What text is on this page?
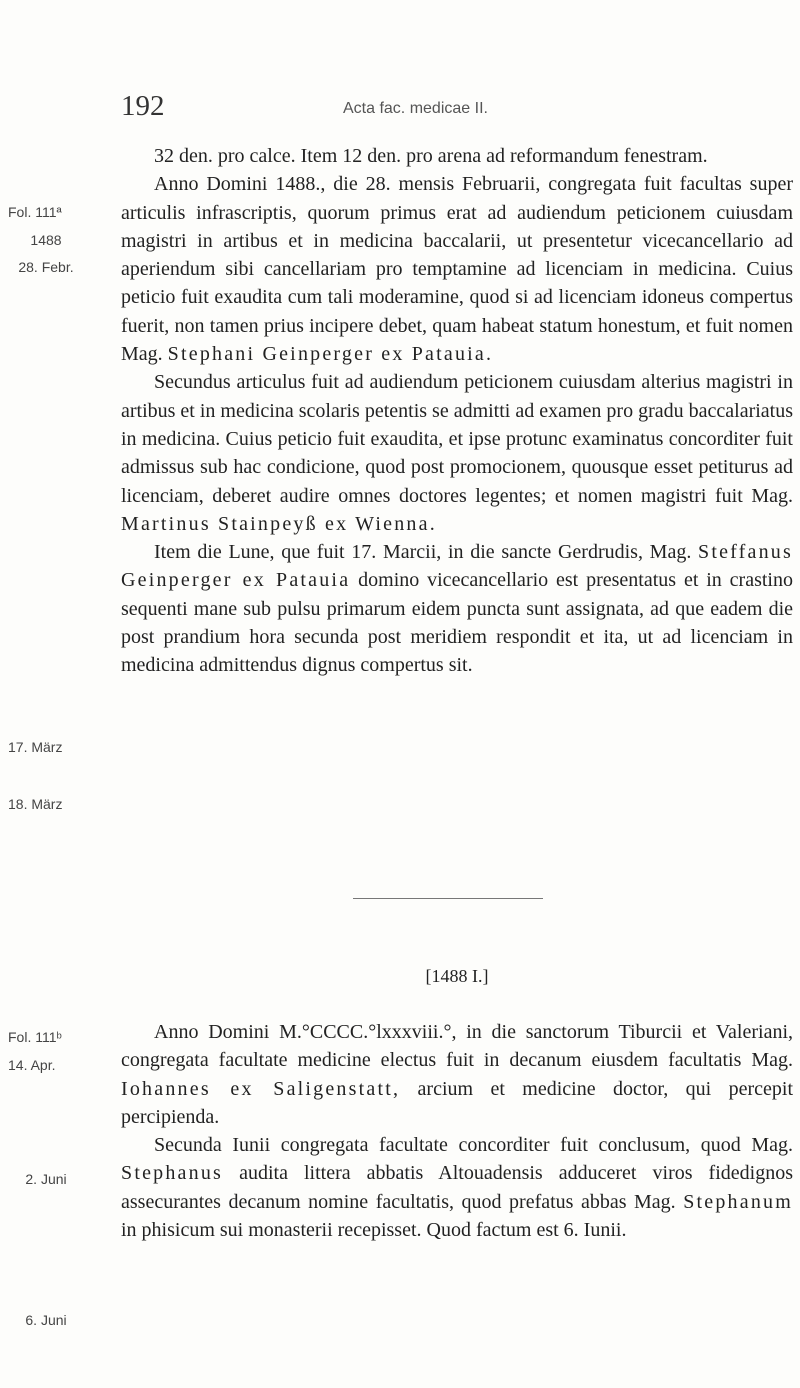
192	Acta fac. medicae II.
Fol. 111ª
1488
28. Febr.
17. März
18. März
Fol. 111ᵇ
14. Apr.
2. Juni
6. Juni

32 den. pro calce. Item 12 den. pro arena ad reformandum fenestram.

Anno Domini 1488., die 28. mensis Februarii, congregata fuit facultas super articulis infrascriptis, quorum primus erat ad audiendum peticionem cuiusdam magistri in artibus et in medicina baccalarii, ut presentetur vicecancellario ad aperiendum sibi cancellariam pro temptamine ad licenciam in medicina. Cuius peticio fuit exaudita cum tali moderamine, quod si ad licenciam idoneus compertus fuerit, non tamen prius incipere debet, quam habeat statum honestum, et fuit nomen Mag. Stephani Geinperger ex Patauia.

Secundus articulus fuit ad audiendum peticionem cuiusdam alterius magistri in artibus et in medicina scolaris petentis se admitti ad examen pro gradu baccalariatus in medicina. Cuius peticio fuit exaudita, et ipse protunc examinatus concorditer fuit admissus sub hac condicione, quod post promocionem, quousque esset petiturus ad licenciam, deberet audire omnes doctores legentes; et nomen magistri fuit Mag. Martinus Stainpeyß ex Wienna.

Item die Lune, que fuit 17. Marcii, in die sancte Gerdrudis, Mag. Steffanus Geinperger ex Patauia domino vicecancellario est presentatus et in crastino sequenti mane sub pulsu primarum eidem puncta sunt assignata, ad que eadem die post prandium hora secunda post meridiem respondit et ita, ut ad licenciam in medicina admittendus dignus compertus sit.

[1488 I.]

Anno Domini M.°CCCC.°lxxxviii.°, in die sanctorum Tiburcii et Valeriani, congregata facultate medicine electus fuit in decanum eiusdem facultatis Mag. Iohannes ex Saligenstatt, arcium et medicine doctor, qui percepit percipienda.

Secunda Iunii congregata facultate concorditer fuit conclusum, quod Mag. Stephanus audita littera abbatis Altouadensis adduceret viros fidedignos assecurantes decanum nomine facultatis, quod prefatus abbas Mag. Stephanum in phisicum sui monasterii recepisset. Quod factum est 6. Iunii.
